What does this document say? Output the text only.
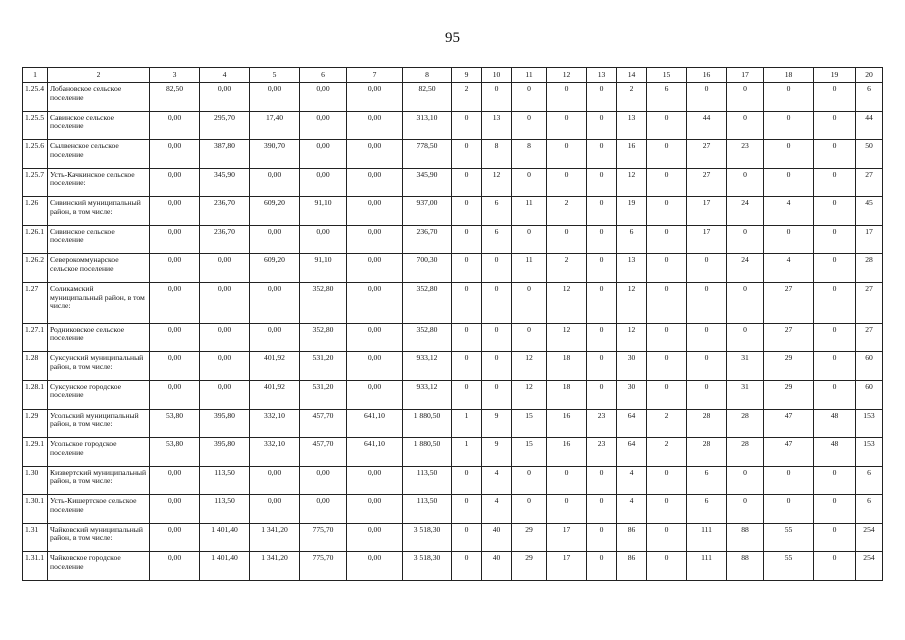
95
1	2	3	4	5	6	7	8	9	10	11	12	13	14	15	16	17	18	19	20
1.25.4	Лобановское сельское поселение	82,50	0,00	0,00	0,00	0,00	82,50	2	0	0	0	0	2	6	0	0	0	0	6
1.25.5	Савинское сельское поселение	0,00	295,70	17,40	0,00	0,00	313,10	0	13	0	0	0	13	0	44	0	0	0	44
1.25.6	Сылвенское сельское поселение	0,00	387,80	390,70	0,00	0,00	778,50	0	8	8	0	0	16	0	27	23	0	0	50
1.25.7	Усть-Качкинское сельское поселение:	0,00	345,90	0,00	0,00	0,00	345,90	0	12	0	0	0	12	0	27	0	0	0	27
1.26	Сивинский муниципальный район, в том числе:	0,00	236,70	609,20	91,10	0,00	937,00	0	6	11	2	0	19	0	17	24	4	0	45
1.26.1	Сивинское сельское поселение	0,00	236,70	0,00	0,00	0,00	236,70	0	6	0	0	0	6	0	17	0	0	0	17
1.26.2	Северокоммунарское сельское поселение	0,00	0,00	609,20	91,10	0,00	700,30	0	0	11	2	0	13	0	0	24	4	0	28
1.27	Соликамский муниципальный район, в том числе:	0,00	0,00	0,00	352,80	0,00	352,80	0	0	0	12	0	12	0	0	0	27	0	27
1.27.1	Родниковское сельское поселение	0,00	0,00	0,00	352,80	0,00	352,80	0	0	0	12	0	12	0	0	0	27	0	27
1.28	Суксунский муниципальный район, в том числе:	0,00	0,00	401,92	531,20	0,00	933,12	0	0	12	18	0	30	0	0	31	29	0	60
1.28.1	Суксунское городское поселение	0,00	0,00	401,92	531,20	0,00	933,12	0	0	12	18	0	30	0	0	31	29	0	60
1.29	Усольский муниципальный район, в том числе:	53,80	395,80	332,10	457,70	641,10	1 880,50	1	9	15	16	23	64	2	28	28	47	48	153
1.29.1	Усольское городское поселение	53,80	395,80	332,10	457,70	641,10	1 880,50	1	9	15	16	23	64	2	28	28	47	48	153
1.30	Кизвертский муниципальный район, в том числе:	0,00	113,50	0,00	0,00	0,00	113,50	0	4	0	0	0	4	0	6	0	0	0	6
1.30.1	Усть-Кишертское сельское поселение	0,00	113,50	0,00	0,00	0,00	113,50	0	4	0	0	0	4	0	6	0	0	0	6
1.31	Чайковский муниципальный район, в том числе:	0,00	1 401,40	1 341,20	775,70	0,00	3 518,30	0	40	29	17	0	86	0	111	88	55	0	254
1.31.1	Чайковское городское поселение	0,00	1 401,40	1 341,20	775,70	0,00	3 518,30	0	40	29	17	0	86	0	111	88	55	0	254
